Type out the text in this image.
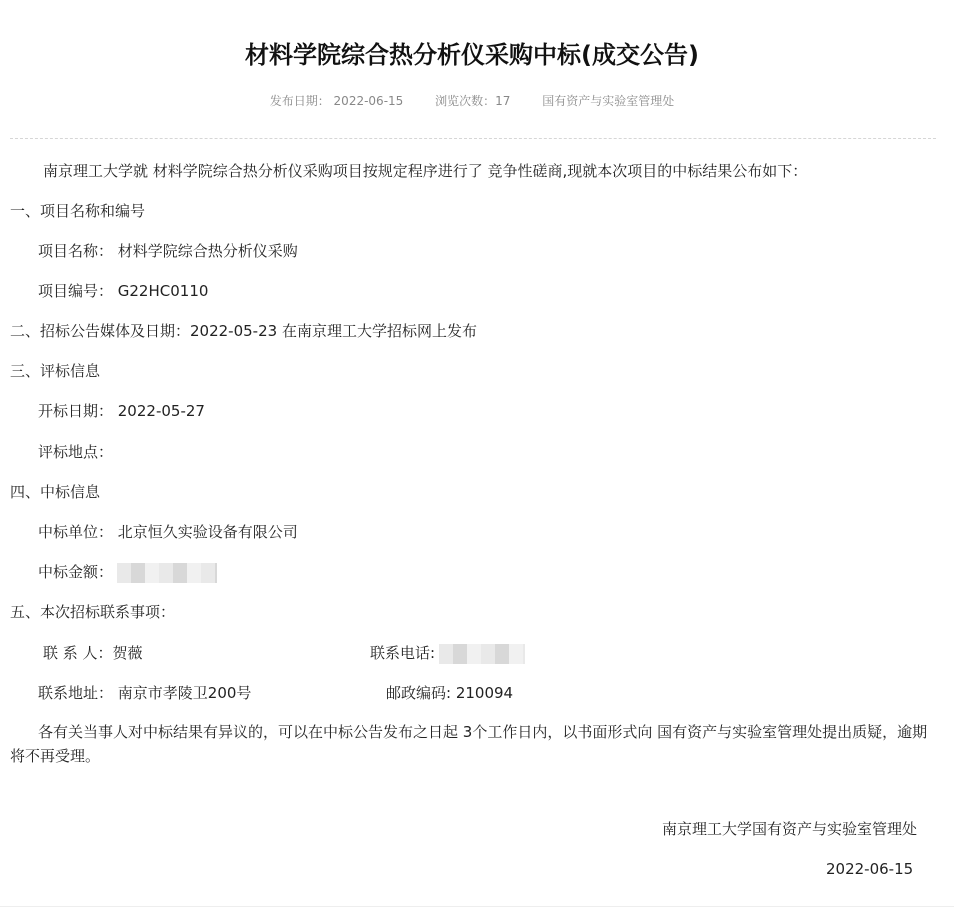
材料学院综合热分析仪采购中标(成交公告)
发布日期： 2022-06-15	浏览次数：17	国有资产与实验室管理处
南京理工大学就 材料学院综合热分析仪采购项目按规定程序进行了 竞争性磋商,现就本次项目的中标结果公布如下：
一、项目名称和编号
项目名称： 材料学院综合热分析仪采购
项目编号： G22HC0110
二、招标公告媒体及日期：2022-05-23 在南京理工大学招标网上发布
三、评标信息
开标日期： 2022-05-27
评标地点：
四、中标信息
中标单位： 北京恒久实验设备有限公司
中标金额：
五、本次招标联系事项：
联 系 人：贺薇	联系电话:
联系地址： 南京市孝陵卫200号	邮政编码: 210094
各有关当事人对中标结果有异议的，可以在中标公告发布之日起 3个工作日内，以书面形式向 国有资产与实验室管理处提出质疑，逾期将不再受理。
南京理工大学国有资产与实验室管理处
2022-06-15
